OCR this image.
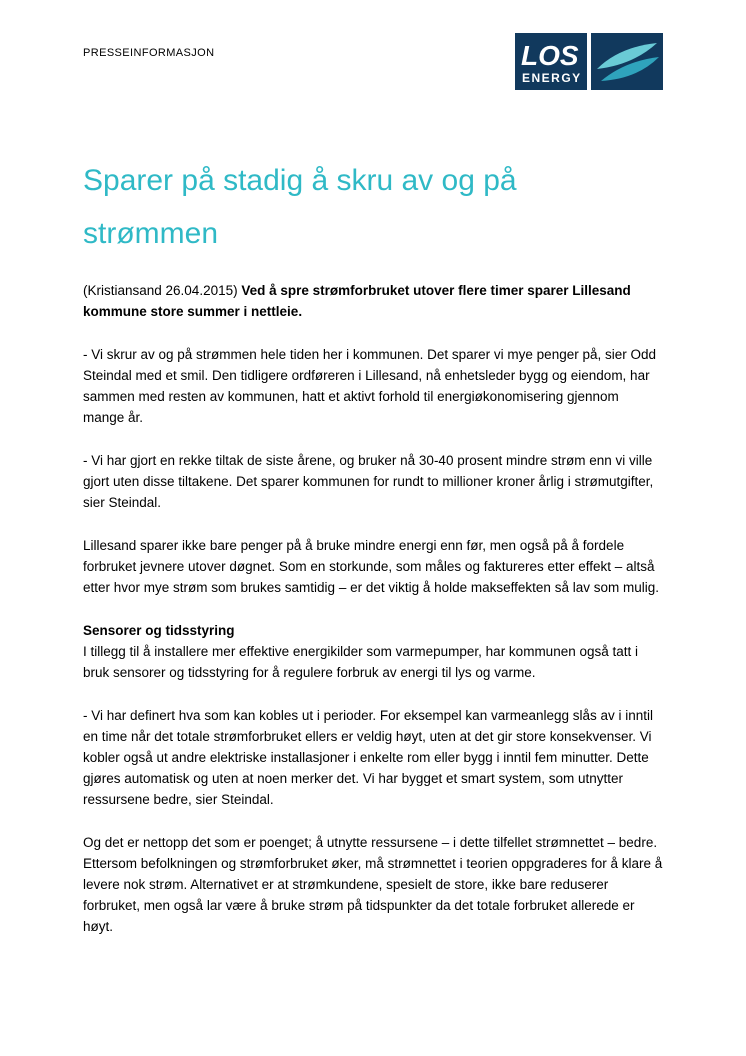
PRESSEINFORMASJON	LOS
ENERGY
Sparer på stadig å skru av og på
strømmen

(Kristiansand 26.04.2015) Ved å spre strømforbruket utover flere timer sparer Lillesand kommune store summer i nettleie.

- Vi skrur av og på strømmen hele tiden her i kommunen. Det sparer vi mye penger på, sier Odd Steindal med et smil. Den tidligere ordføreren i Lillesand, nå enhetsleder bygg og eiendom, har sammen med resten av kommunen, hatt et aktivt forhold til energiøkonomisering gjennom mange år.

- Vi har gjort en rekke tiltak de siste årene, og bruker nå 30-40 prosent mindre strøm enn vi ville gjort uten disse tiltakene. Det sparer kommunen for rundt to millioner kroner årlig i strømutgifter, sier Steindal.

Lillesand sparer ikke bare penger på å bruke mindre energi enn før, men også på å fordele forbruket jevnere utover døgnet. Som en storkunde, som måles og faktureres etter effekt – altså etter hvor mye strøm som brukes samtidig – er det viktig å holde makseffekten så lav som mulig.

Sensorer og tidsstyring

I tillegg til å installere mer effektive energikilder som varmepumper, har kommunen også tatt i bruk sensorer og tidsstyring for å regulere forbruk av energi til lys og varme.

- Vi har definert hva som kan kobles ut i perioder. For eksempel kan varmeanlegg slås av i inntil en time når det totale strømforbruket ellers er veldig høyt, uten at det gir store konsekvenser. Vi kobler også ut andre elektriske installasjoner i enkelte rom eller bygg i inntil fem minutter. Dette gjøres automatisk og uten at noen merker det. Vi har bygget et smart system, som utnytter ressursene bedre, sier Steindal.

Og det er nettopp det som er poenget; å utnytte ressursene – i dette tilfellet strømnettet – bedre. Ettersom befolkningen og strømforbruket øker, må strømnettet i teorien oppgraderes for å klare å levere nok strøm. Alternativet er at strømkundene, spesielt de store, ikke bare reduserer forbruket, men også lar være å bruke strøm på tidspunkter da det totale forbruket allerede er høyt.
